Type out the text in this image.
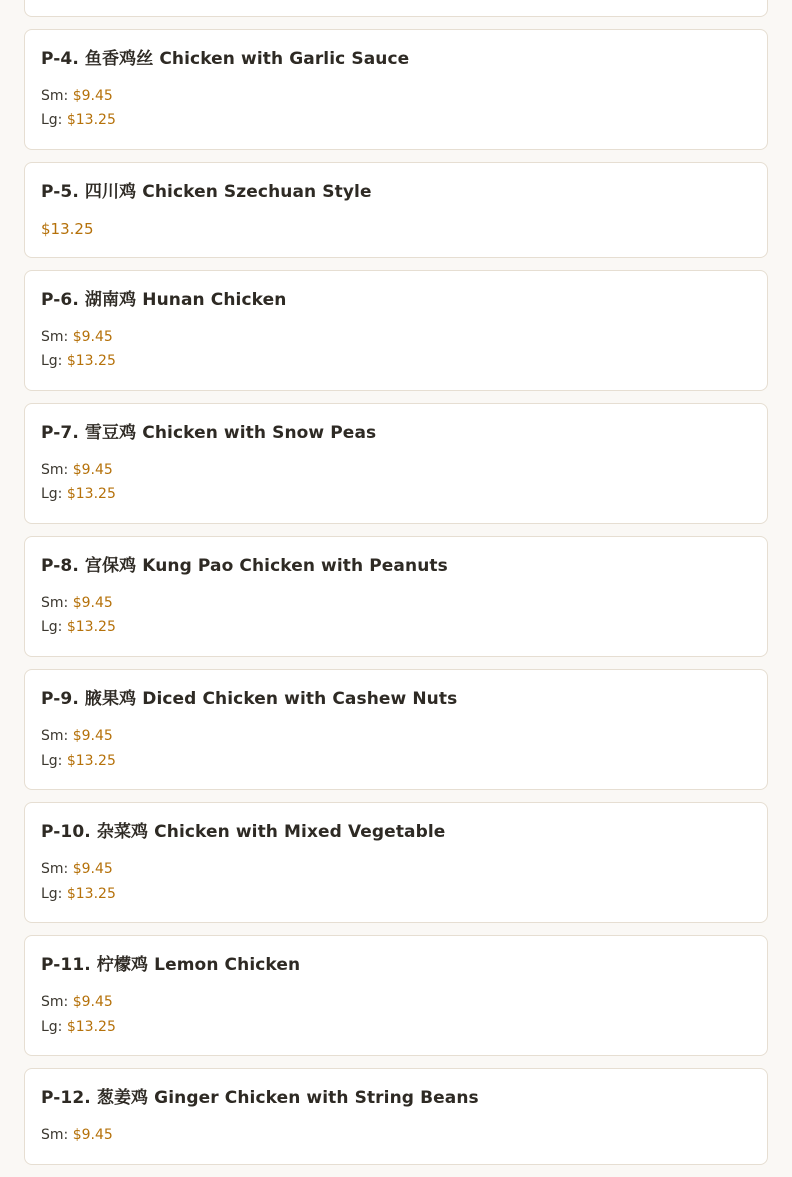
P-4. 鱼香鸡丝 Chicken with Garlic Sauce
Sm: $9.45
Lg: $13.25
P-5. 四川鸡 Chicken Szechuan Style
$13.25
P-6. 湖南鸡 Hunan Chicken
Sm: $9.45
Lg: $13.25
P-7. 雪豆鸡 Chicken with Snow Peas
Sm: $9.45
Lg: $13.25
P-8. 宫保鸡 Kung Pao Chicken with Peanuts
Sm: $9.45
Lg: $13.25
P-9. 腋果鸡 Diced Chicken with Cashew Nuts
Sm: $9.45
Lg: $13.25
P-10. 杂菜鸡 Chicken with Mixed Vegetable
Sm: $9.45
Lg: $13.25
P-11. 柠檬鸡 Lemon Chicken
Sm: $9.45
Lg: $13.25
P-12. 葱姜鸡 Ginger Chicken with String Beans
Sm: $9.45
